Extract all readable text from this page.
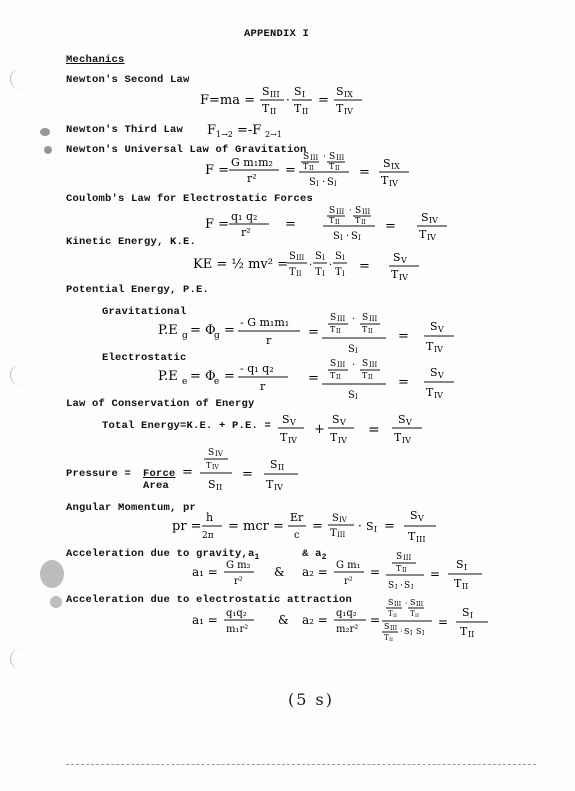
APPENDIX I
Mechanics
Newton's Second Law
F=ma =
S III
T II
·
S I
T II
=
S IX
T IV
Newton's Third Law F 1→2 =-F 2→1
Newton's Universal Law of Gravitation
F =
G m₁m₂
r²
=
S III · S III
T II T II
S I · S I
=
S IX
T IV
Coulomb's Law for Electrostatic Forces
F =
q₁ q₂
r²
=
S III · S III
T II T II
S I · S I
=
S IV
T IV
Kinetic Energy, K.E.
KE = ½ mv² =
S III
T II
·
S I
T I
·
S I
T I =
S V
T IV
Potential Energy, P.E.
Gravitational
P.E g = Φ
g =
- G m₁m₁
r
=
S III · S III
T II	T II
S I
=
S V
T IV
Electrostatic
P.E e = Φ
e =
- q₁ q₂
r
=
S III · S III
T II	T II
S I
=
S V
T IV
Law of Conservation of Energy
Total Energy=K.E. + P.E. = S V
T IV
+
S V
T IV
=
S V
T IV
Pressure = Force
Area
=
S IV
T IV
S II
=
S II
T IV
Angular Momentum, pr
pr =
h
2π
= mcr =
Er
c
=
S IV
T III
· S I =
S V
T III
Acceleration due to $gravity,a_1$	& $a_2$
a₁ = G m₂
r²
& a₂ = G m₁
r²
=
S III
T II
S I · S I
=
S I
T II
Acceleration due to electrostatic attraction
a₁ = q₁q₂
m₁r²
& a₂ = q₁q₂
m₂r²
=
S III · S III
T II T II
S III
T II
· S I S I
=
S I
T II
(5 s)
